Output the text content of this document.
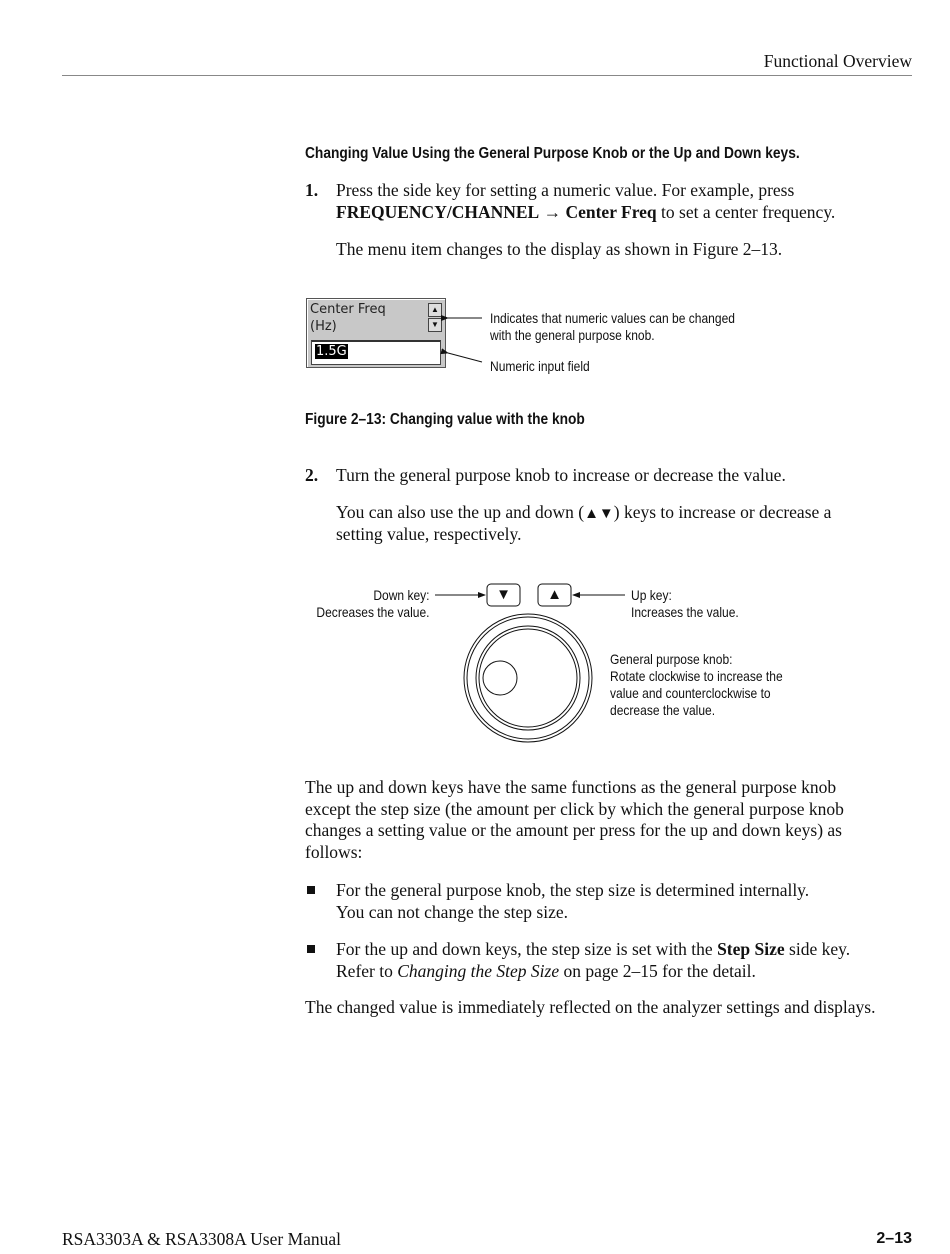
Functional Overview
Changing Value Using the General Purpose Knob or the Up and Down keys.
1. Press the side key for setting a numeric value. For example, press
FREQUENCY/CHANNEL → Center Freq to set a center frequency.
The menu item changes to the display as shown in Figure 2–13.
Center Freq
(Hz)
▲
▼
1.5G
Indicates that numeric values can be changed
with the general purpose knob.
Numeric input field
Figure 2–13: Changing value with the knob
2. Turn the general purpose knob to increase or decrease the value.
You can also use the up and down (▲▼) keys to increase or decrease a
setting value, respectively.
Down key:
Decreases the value.
Up key:
Increases the value.
▼	▲
General purpose knob:
Rotate clockwise to increase the
value and counterclockwise to
decrease the value.
The up and down keys have the same functions as the general purpose knob
except the step size (the amount per click by which the general purpose knob
changes a setting value or the amount per press for the up and down keys) as
follows:
For the general purpose knob, the step size is determined internally.
You can not change the step size.
For the up and down keys, the step size is set with the Step Size side key.
Refer to Changing the Step Size on page 2–15 for the detail.
The changed value is immediately reflected on the analyzer settings and displays.
RSA3303A & RSA3308A User Manual	2–13
